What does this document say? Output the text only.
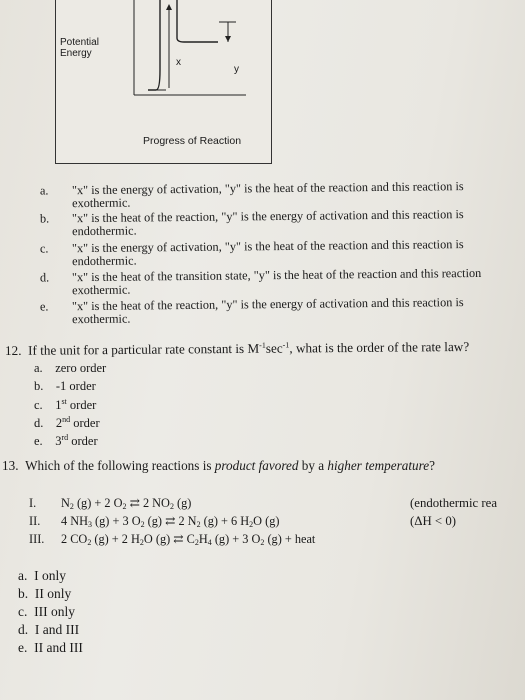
x
y
Potential
Energy
Progress of Reaction
a. "x" is the energy of activation, "y" is the heat of the reaction and this reaction is exothermic.
b. "x" is the heat of the reaction, "y" is the energy of activation and this reaction is endothermic.
c. "x" is the energy of activation, "y" is the heat of the reaction and this reaction is endothermic.
d. "x" is the heat of the transition state, "y" is the heat of the reaction and this reaction exothermic.
e. "x" is the heat of the reaction, "y" is the energy of activation and this reaction is exothermic.
12. If the unit for a particular rate constant is $M^{-1}\sec^{-1}$, what is the order of the rate law?
a. zero order
b. -1 order
c. 1st order
d. 2nd order
e. 3rd order
13. Which of the following reactions is product favored by a higher temperature?
I. $N_2$ (g) + 2 $O_2$ ⇄ 2 $NO_2$ (g)
II. 4 $NH_3$ (g) + 3 $O_2$ (g) ⇄ 2 $N_2$ (g) + 6 $H_2O$ (g)
III. 2 $CO_2$ (g) + 2 $H_2O$ (g) ⇄ $C_2H_4$ (g) + 3 $O_2$ (g) + heat
(endothermic rea
(ΔH < 0)
a. I only
b. II only
c. III only
d. I and III
e. II and III
